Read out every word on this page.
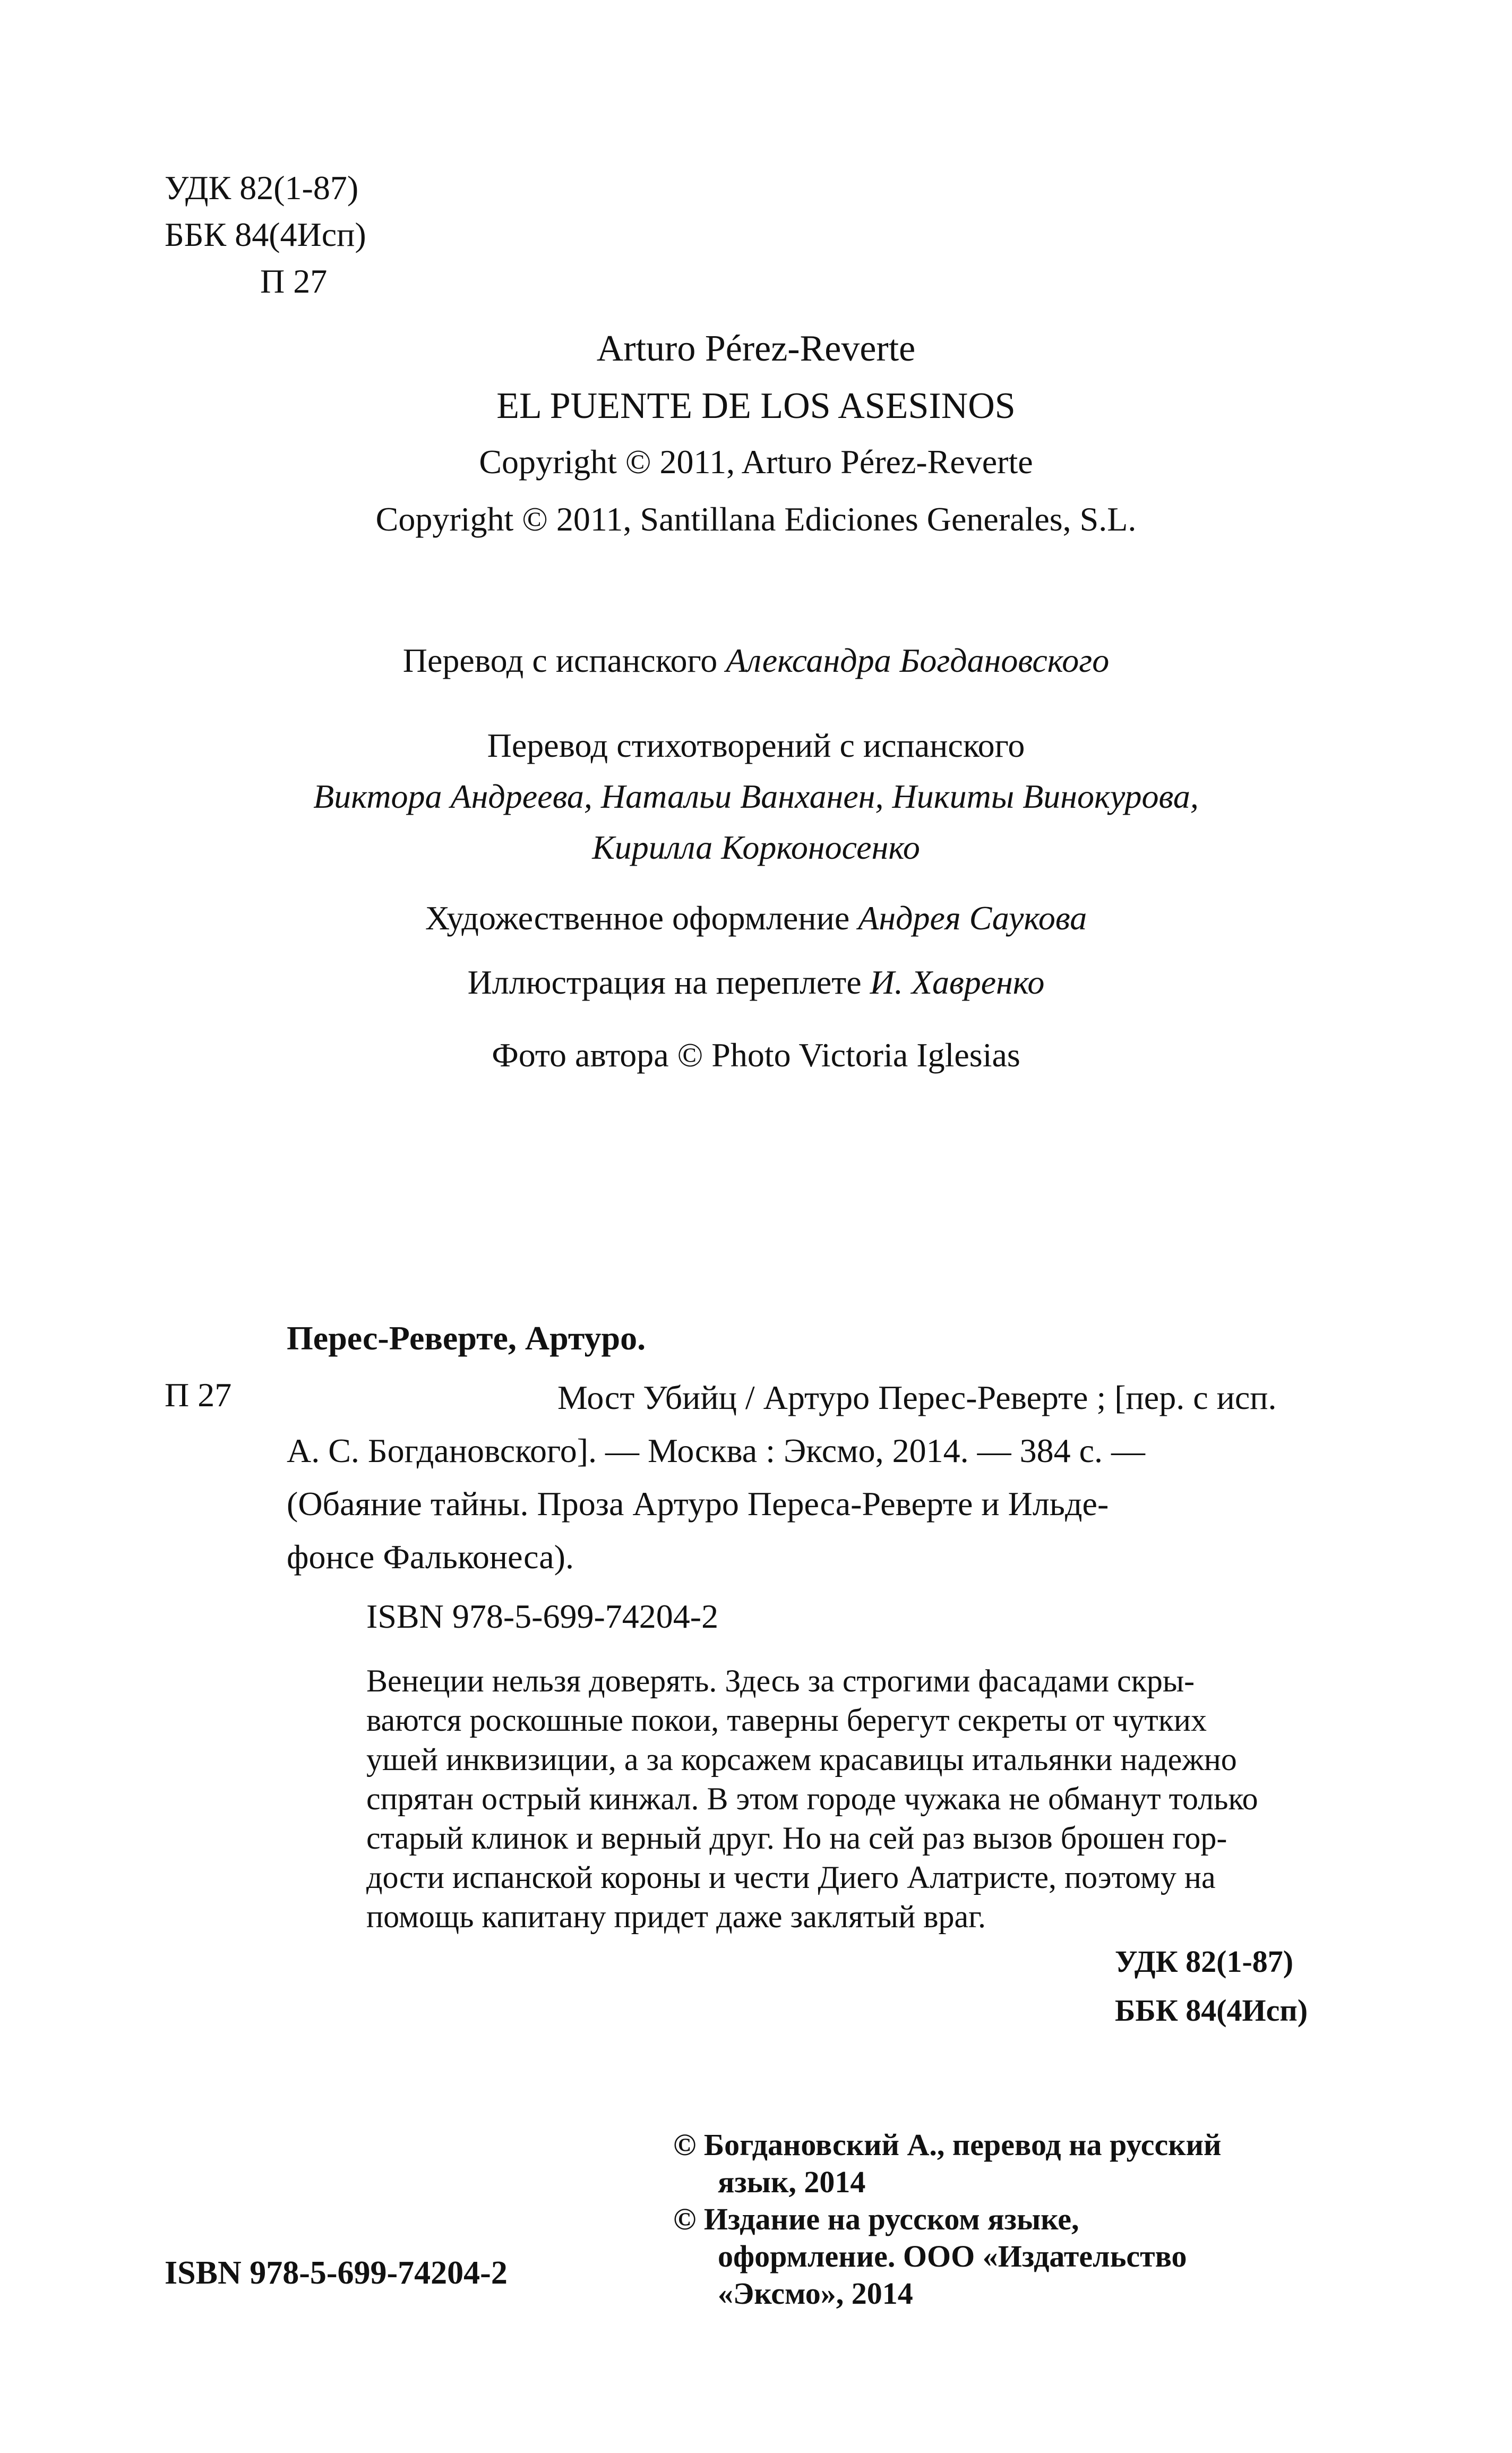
УДК 82(1-87)
ББК 84(4Исп)
П 27
Arturo Pérez-Reverte
EL PUENTE DE LOS ASESINOS
Copyright © 2011, Arturo Pérez-Reverte
Copyright © 2011, Santillana Ediciones Generales, S.L.
Перевод с испанского Александра Богдановского
Перевод стихотворений с испанского
Виктора Андреева, Натальи Ванханен, Никиты Винокурова,
Кирилла Корконосенко
Художественное оформление Андрея Саукова
Иллюстрация на переплете И. Хавренко
Фото автора © Photo Victoria Iglesias
Перес-Реверте, Артуро.
П 27	Мост Убийц / Артуро Перес-Реверте ; [пер. с исп.
А. С. Богдановского]. — Москва : Эксмо, 2014. — 384 с. —
(Обаяние тайны. Проза Артуро Переса-Реверте и Ильде-
фонсе Фальконеса).
ISBN 978-5-699-74204-2
Венеции нельзя доверять. Здесь за строгими фасадами скры-
ваются роскошные покои, таверны берегут секреты от чутких
ушей инквизиции, а за корсажем красавицы итальянки надежно
спрятан острый кинжал. В этом городе чужака не обманут только
старый клинок и верный друг. Но на сей раз вызов брошен гор-
дости испанской короны и чести Диего Алатристе, поэтому на
помощь капитану придет даже заклятый враг.
УДК 82(1-87)
ББК 84(4Исп)
ISBN 978-5-699-74204-2
© Богдановский А., перевод на русский
язык, 2014
© Издание на русском языке,
оформление. ООО «Издательство
«Эксмо», 2014
